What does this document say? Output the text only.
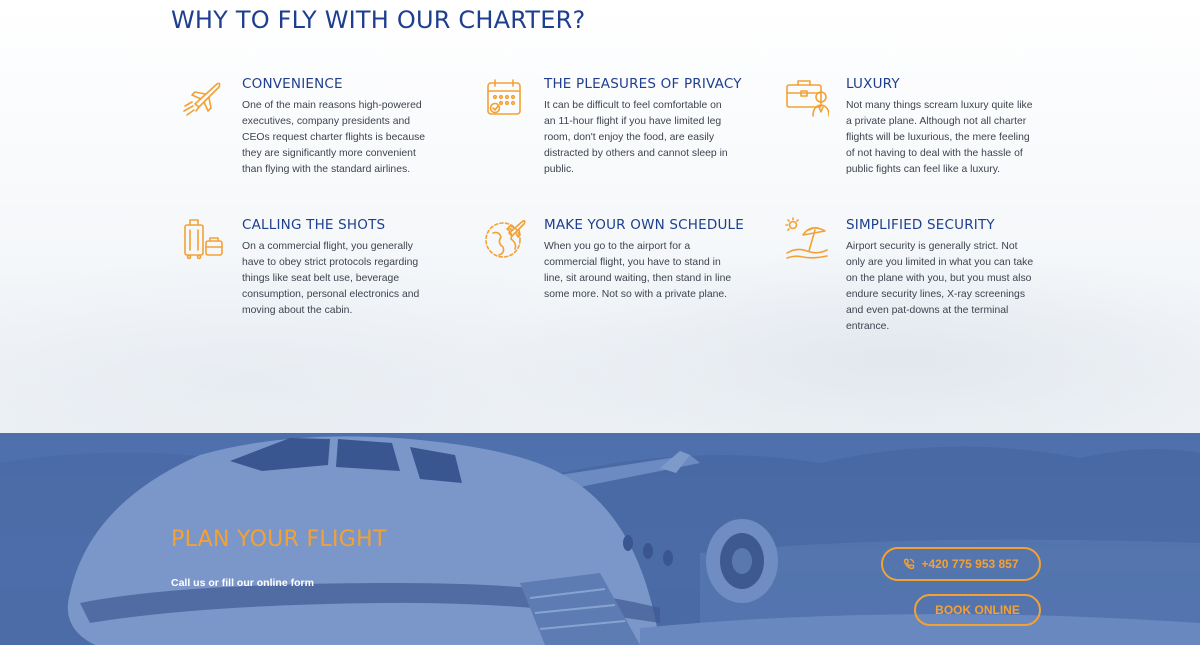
WHY TO FLY WITH OUR CHARTER?
CONVENIENCE

One of the main reasons high-powered executives, company presidents and CEOs request charter flights is because they are significantly more convenient than flying with the standard airlines.

THE PLEASURES OF PRIVACY

It can be difficult to feel comfortable on an 11-hour flight if you have limited leg room, don't enjoy the food, are easily distracted by others and cannot sleep in public.

LUXURY

Not many things scream luxury quite like a private plane. Although not all charter flights will be luxurious, the mere feeling of not having to deal with the hassle of public fights can feel like a luxury.

CALLING THE SHOTS

On a commercial flight, you generally have to obey strict protocols regarding things like seat belt use, beverage consumption, personal electronics and moving about the cabin.

MAKE YOUR OWN SCHEDULE

When you go to the airport for a commercial flight, you have to stand in line, sit around waiting, then stand in line some more. Not so with a private plane.

SIMPLIFIED SECURITY

Airport security is generally strict. Not only are you limited in what you can take on the plane with you, but you must also endure security lines, X-ray screenings and even pat-downs at the terminal entrance.

PLAN YOUR FLIGHT

Call us or fill our online form

+420 775 953 857
BOOK ONLINE
